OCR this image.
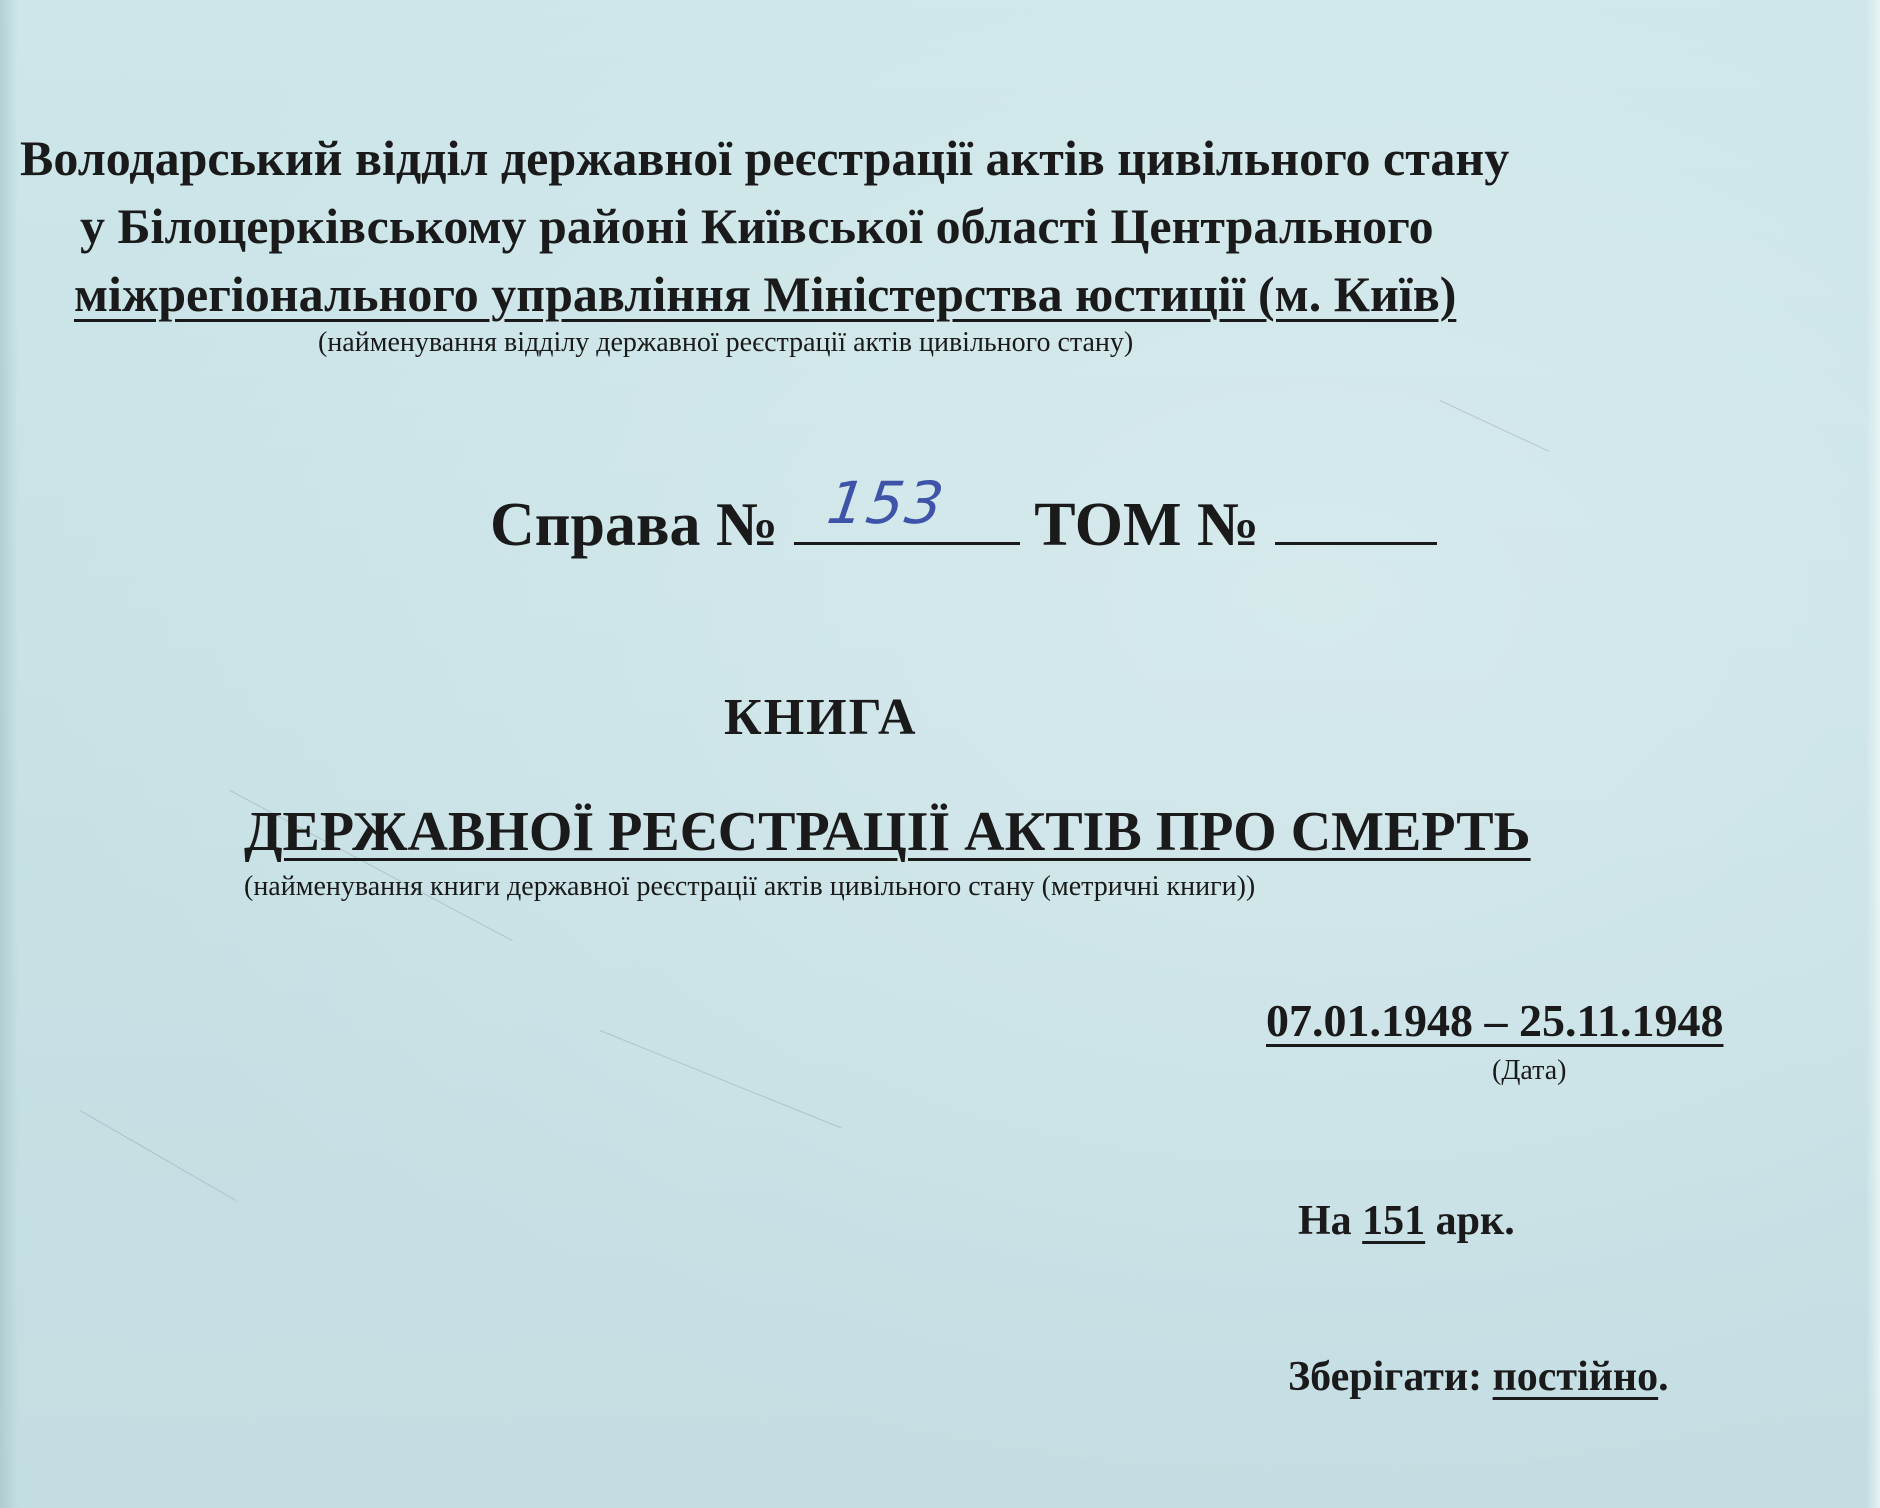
Володарський відділ державної реєстрації актів цивільного стану
у Білоцерківському районі Київської області Центрального
міжрегіонального управління Міністерства юстиції (м. Київ)
(найменування відділу державної реєстрації актів цивільного стану)
Справа № 153 ТОМ №
КНИГА
ДЕРЖАВНОЇ РЕЄСТРАЦІЇ АКТІВ ПРО СМЕРТЬ
(найменування книги державної реєстрації актів цивільного стану (метричні книги))
07.01.1948 – 25.11.1948
(Дата)
На 151 арк.
Зберігати: постійно.
